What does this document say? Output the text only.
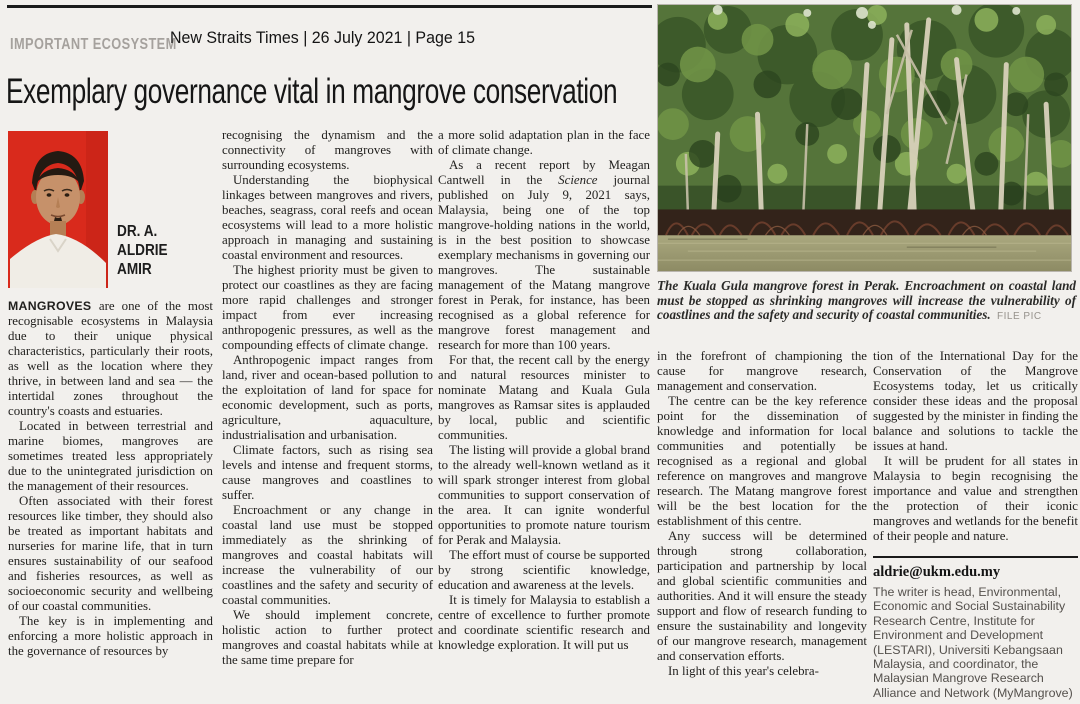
IMPORTANT ECOSYSTEM
New Straits Times | 26 July 2021 | Page 15
Exemplary governance vital in mangrove conservation
DR. A. ALDRIE AMIR

MANGROVES are one of the most recognisable ecosystems in Malaysia due to their unique physical characteristics, particularly their roots, as well as the location where they thrive, in between land and sea — the intertidal zones throughout the country's coasts and estuaries.

Located in between terrestrial and marine biomes, mangroves are sometimes treated less appropriately due to the unintegrated jurisdiction on the management of their resources.

Often associated with their forest resources like timber, they should also be treated as important habitats and nurseries for marine life, that in turn ensures sustainability of our seafood and fisheries resources, as well as socioeconomic security and wellbeing of our coastal communities.

The key is in implementing and enforcing a more holistic approach in the governance of resources by

recognising the dynamism and the connectivity of mangroves with surrounding ecosystems.

Understanding the biophysical linkages between mangroves and rivers, beaches, seagrass, coral reefs and ocean ecosystems will lead to a more holistic approach in managing and sustaining coastal environment and resources.

The highest priority must be given to protect our coastlines as they are facing more rapid challenges and stronger impact from ever increasing anthropogenic pressures, as well as the compounding effects of climate change.

Anthropogenic impact ranges from land, river and ocean-based pollution to the exploitation of land for space for economic development, such as ports, agriculture, aquaculture, industrialisation and urbanisation.

Climate factors, such as rising sea levels and intense and frequent storms, cause mangroves and coastlines to suffer.

Encroachment or any change in coastal land use must be stopped immediately as the shrinking of mangroves and coastal habitats will increase the vulnerability of our coastlines and the safety and security of coastal communities.

We should implement concrete, holistic action to further protect mangroves and coastal habitats while at the same time prepare for

a more solid adaptation plan in the face of climate change.

As a recent report by Meagan Cantwell in the Science journal published on July 9, 2021 says, Malaysia, being one of the top mangrove-holding nations in the world, is in the best position to showcase exemplary mechanisms in governing our mangroves. The sustainable management of the Matang mangrove forest in Perak, for instance, has been recognised as a global reference for mangrove forest management and research for more than 100 years.

For that, the recent call by the energy and natural resources minister to nominate Matang and Kuala Gula mangroves as Ramsar sites is applauded by local, public and scientific communities.

The listing will provide a global brand to the already well-known wetland as it will spark stronger interest from global communities to support conservation of the area. It can ignite wonderful opportunities to promote nature tourism for Perak and Malaysia.

The effort must of course be supported by strong scientific knowledge, education and awareness at the levels.

It is timely for Malaysia to establish a centre of excellence to further promote and coordinate scientific research and knowledge exploration. It will put us

in the forefront of championing the cause for mangrove research, management and conservation.

The centre can be the key reference point for the dissemination of knowledge and information for local communities and potentially be recognised as a regional and global reference on mangroves and mangrove research. The Matang mangrove forest will be the best location for the establishment of this centre.

Any success will be determined through strong collaboration, participation and partnership by local and global scientific communities and authorities. And it will ensure the steady support and flow of research funding to ensure the sustainability and longevity of our mangrove research, management and conservation efforts.

In light of this year's celebra-

tion of the International Day for the Conservation of the Mangrove Ecosystems today, let us critically consider these ideas and the proposal suggested by the minister in finding the balance and solutions to tackle the issues at hand.

It will be prudent for all states in Malaysia to begin recognising the importance and value and strengthen the protection of their iconic mangroves and wetlands for the benefit of their people and nature.

The Kuala Gula mangrove forest in Perak. Encroachment on coastal land must be stopped as shrinking mangroves will increase the vulnerability of coastlines and the safety and security of coastal communities. FILE PIC
aldrie@ukm.edu.my
The writer is head, Environmental, Economic and Social Sustainability Research Centre, Institute for Environment and Development (LESTARI), Universiti Kebangsaan Malaysia, and coordinator, the Malaysian Mangrove Research Alliance and Network (MyMangrove)
